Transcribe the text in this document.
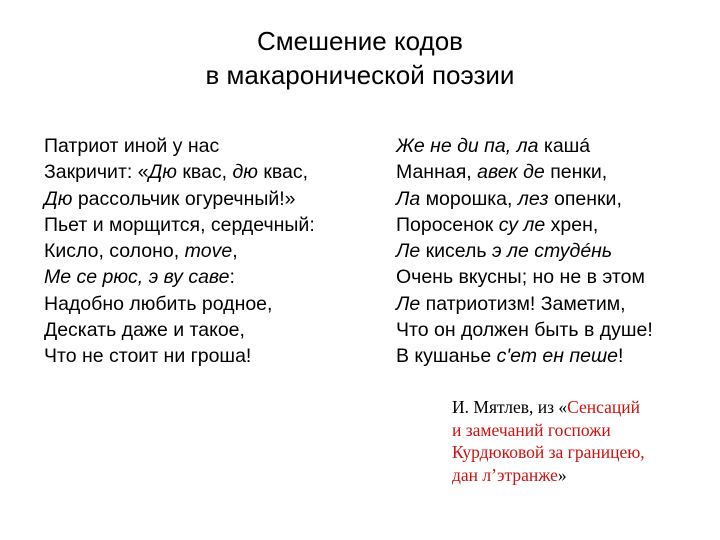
Смешение кодов
в макаронической поэзии
Патриот иной у нас
Закричит: «Дю квас, дю квас,
Дю рассольчик огуречный!»
Пьет и морщится, сердечный:
Кисло, солоно, move,
Ме се рюс, э ву саве:
Надобно любить родное,
Дескать даже и такое,
Что не стоит ни гроша!
Же не ди па, ла кашá
Манная, авек де пенки,
Ла морошка, лез опенки,
Поросенок су ле хрен,
Ле кисель э ле студéнь
Очень вкусны; но не в этом
Ле патриотизм! Заметим,
Что он должен быть в душе!
В кушанье с'ет ен пеше!
И. Мятлев, из «Сенсаций
и замечаний госпожи
Курдюковой за границею,
дан л’этранже»
